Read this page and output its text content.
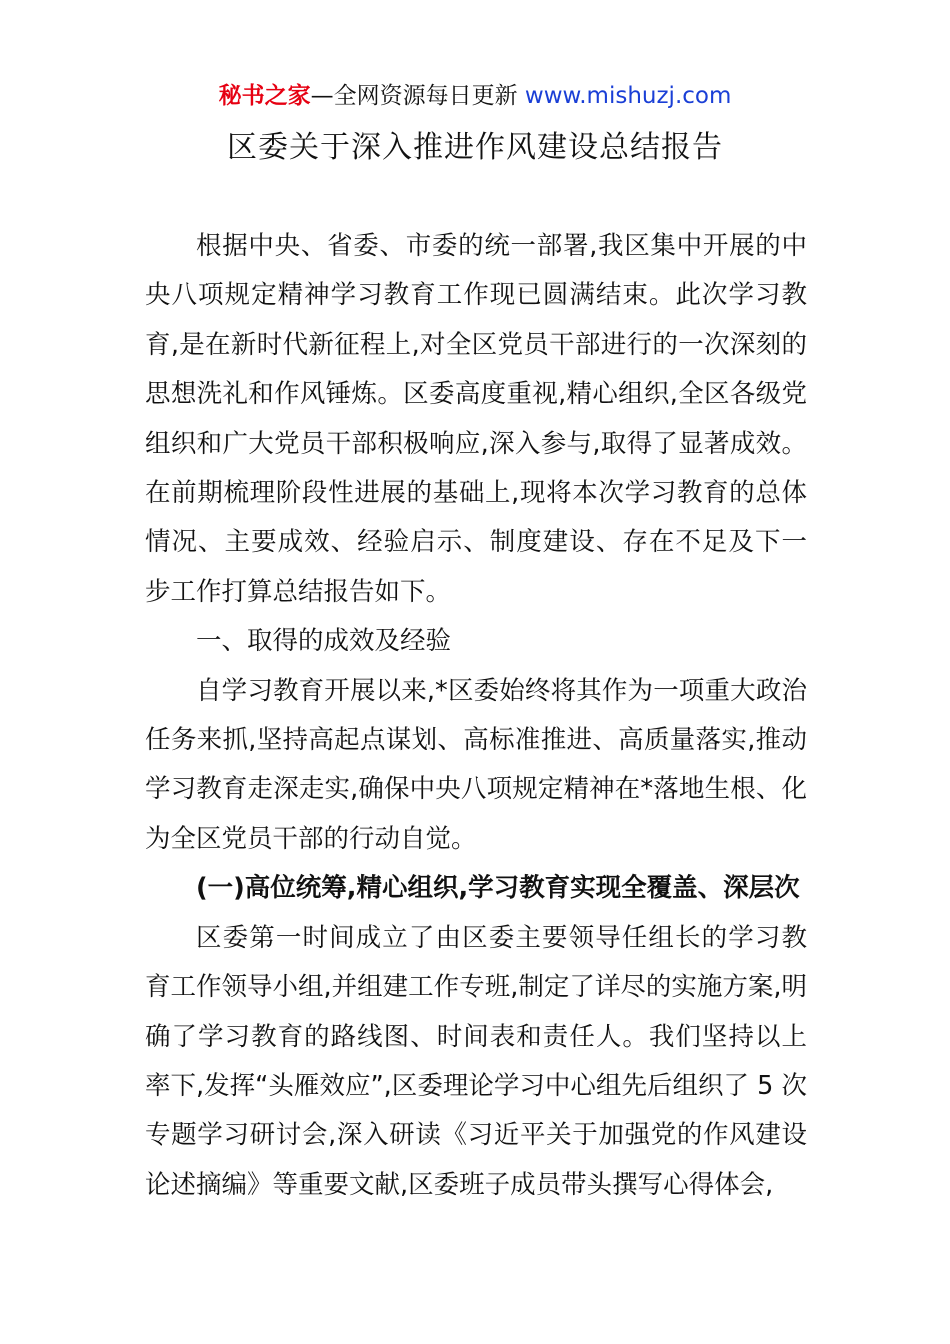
秘书之家—全网资源每日更新 www.mishuzj.com
区委关于深入推进作风建设总结报告

根据中央、省委、市委的统一部署,我区集中开展的中央八项规定精神学习教育工作现已圆满结束。此次学习教育,是在新时代新征程上,对全区党员干部进行的一次深刻的思想洗礼和作风锤炼。区委高度重视,精心组织,全区各级党组织和广大党员干部积极响应,深入参与,取得了显著成效。在前期梳理阶段性进展的基础上,现将本次学习教育的总体情况、主要成效、经验启示、制度建设、存在不足及下一步工作打算总结报告如下。

一、取得的成效及经验

自学习教育开展以来,*区委始终将其作为一项重大政治任务来抓,坚持高起点谋划、高标准推进、高质量落实,推动学习教育走深走实,确保中央八项规定精神在*落地生根、化为全区党员干部的行动自觉。

(一)高位统筹,精心组织,学习教育实现全覆盖、深层次

区委第一时间成立了由区委主要领导任组长的学习教育工作领导小组,并组建工作专班,制定了详尽的实施方案,明确了学习教育的路线图、时间表和责任人。我们坚持以上率下,发挥“头雁效应”,区委理论学习中心组先后组织了 5 次专题学习研讨会,深入研读《习近平关于加强党的作风建设论述摘编》等重要文献,区委班子成员带头撰写心得体会,
